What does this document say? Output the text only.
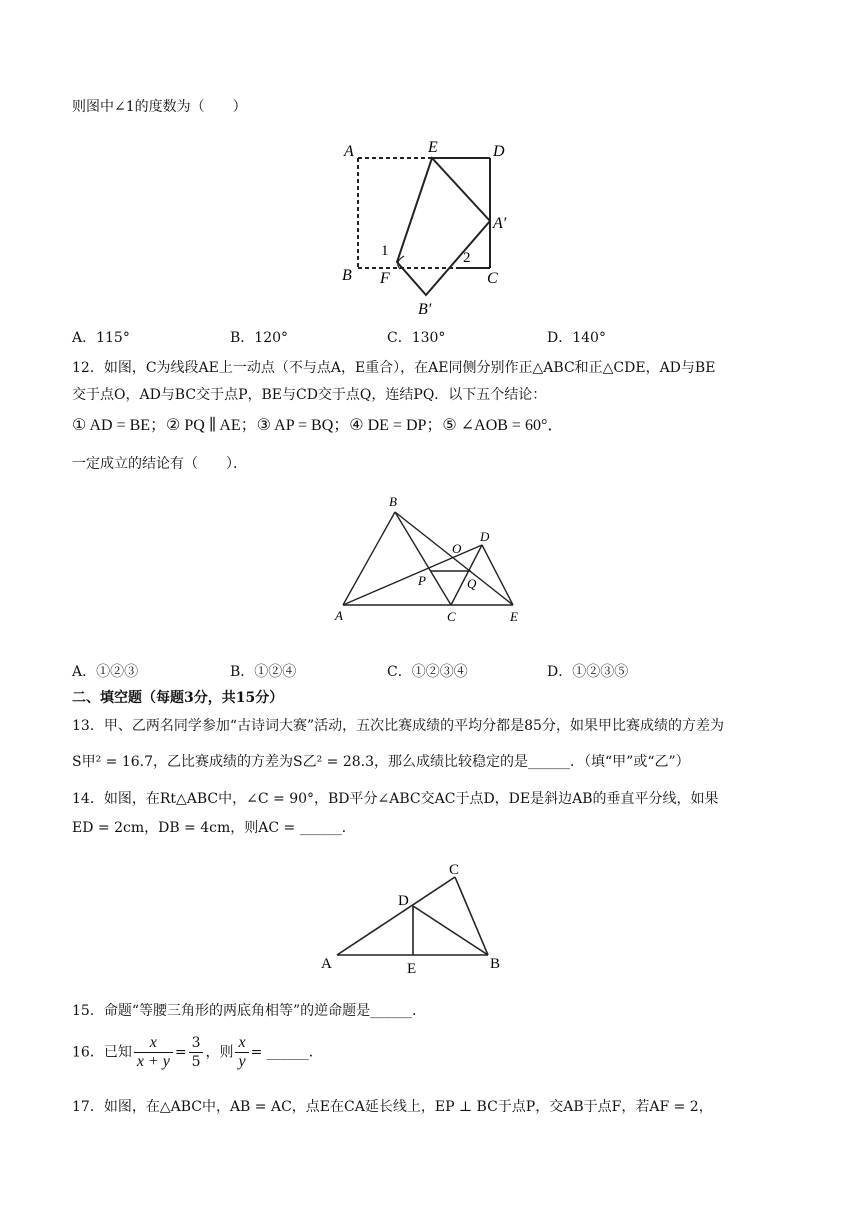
则图中∠1的度数为（　　）
A	E	D
A′
1	2
B F	C
B′
A．115°	B．120°	C．130°	D．140°
12．如图，C为线段AE上一动点（不与点A，E重合），在AE同侧分别作正△ABC和正△CDE，AD与BE
交于点O，AD与BC交于点P，BE与CD交于点Q，连结PQ．以下五个结论：
① AD = BE；② PQ ∥ AE；③ AP = BQ；④ DE = DP；⑤ ∠AOB = 60°．
一定成立的结论有（　　）．
B
O
D
P	Q
A	C	E
A．①②③	B．①②④	C．①②③④	D．①②③⑤
二、填空题（每题3分，共15分）
13．甲、乙两名同学参加“古诗词大赛”活动，五次比赛成绩的平均分都是85分，如果甲比赛成绩的方差为
S甲² = 16.7，乙比赛成绩的方差为S乙² = 28.3，那么成绩比较稳定的是______．（填“甲”或“乙”）
14．如图，在Rt△ABC中，∠C = 90°，BD平分∠ABC交AC于点D，DE是斜边AB的垂直平分线，如果
ED = 2cm，DB = 4cm，则AC = ______．
C
D
A	E	B
15．命题“等腰三角形的两底角相等”的逆命题是______．
16．已知 $\frac{x}{x + y} = \frac{3}{5}$ ，则 $\frac{x}{y}$ = ______．
17．如图，在△ABC中，AB = AC，点E在CA延长线上，EP ⊥ BC于点P，交AB于点F，若AF = 2，
